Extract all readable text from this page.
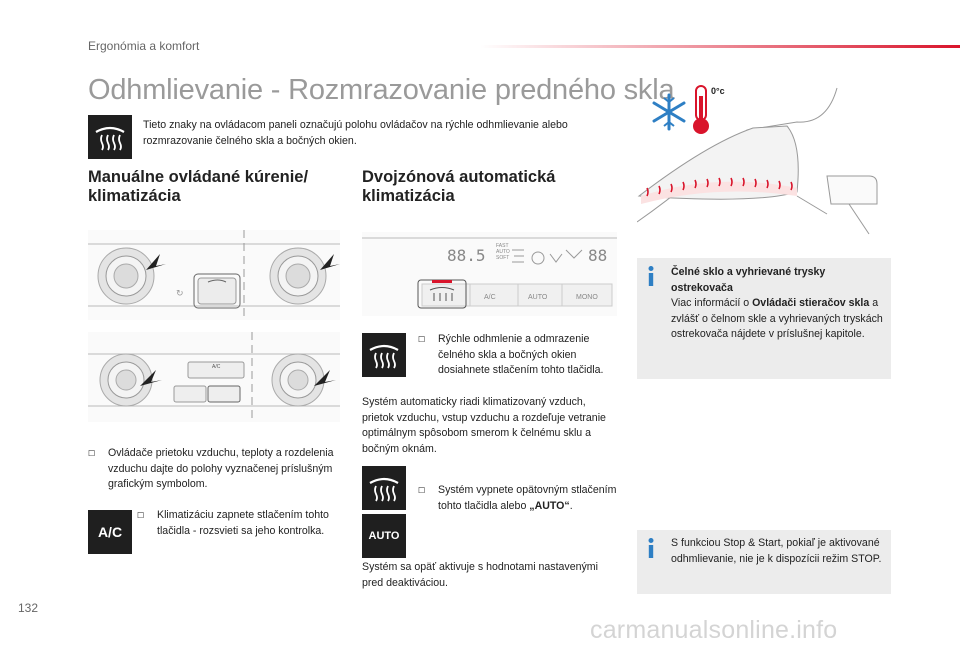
Ergonómia a komfort
Odhmlievanie - Rozmrazovanie predného skla
Tieto znaky na ovládacom paneli označujú polohu ovládačov na rýchle odhmlievanie alebo rozmrazovanie čelného skla a bočných okien.
Manuálne ovládané kúrenie/
klimatizácia
Dvojzónová automatická
klimatizácia
↻
A/C
☐ Ovládače prietoku vzduchu, teploty a rozdelenia vzduchu dajte do polohy vyznačenej príslušným grafickým symbolom.
A/C
☐ Klimatizáciu zapnete stlačením tohto tlačidla - rozsvieti sa jeho kontrolka.
88.5 FAST
AUTO
SOFT	88
A/C	AUTO	MONO
☐ Rýchle odhmlenie a odmrazenie čelného skla a bočných okien dosiahnete stlačením tohto tlačidla.
Systém automaticky riadi klimatizovaný vzduch, prietok vzduchu, vstup vzduchu a rozdeľuje vetranie optimálnym spôsobom smerom k čelnému sklu a bočným oknám.
AUTO
☐ Systém vypnete opätovným stlačením tohto tlačidla alebo „AUTO“.
Systém sa opäť aktivuje s hodnotami nastavenými pred deaktiváciou.
0°c
Čelné sklo a vyhrievané trysky ostrekovača
Viac informácií o Ovládači stieračov skla a zvlášť o čelnom skle a vyhrievaných tryskách ostrekovača nájdete v príslušnej kapitole.
S funkciou Stop & Start, pokiaľ je aktivované odhmlievanie, nie je k dispozícii režim STOP.
132
carmanualsonline.info
